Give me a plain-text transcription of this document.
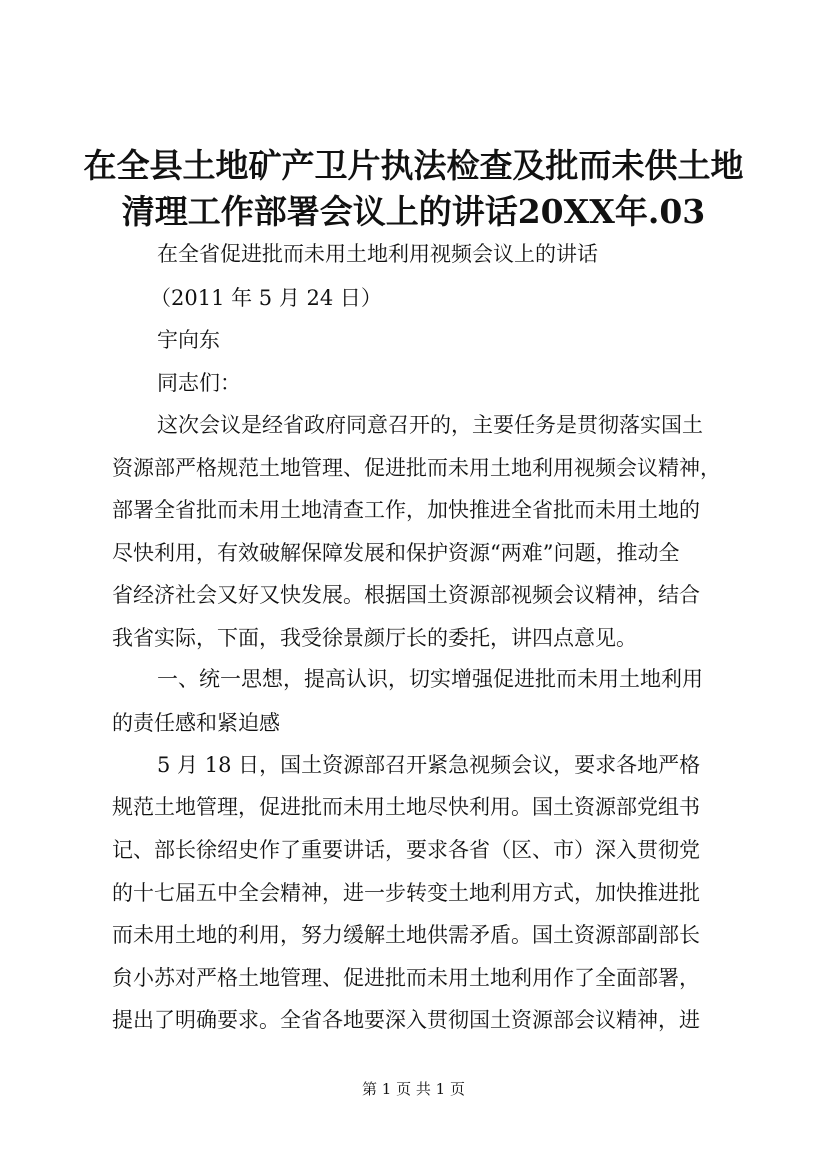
在全县土地矿产卫片执法检查及批而未供土地
清理工作部署会议上的讲话20XX年.03
在全省促进批而未用土地利用视频会议上的讲话
（2011 年 5 月 24 日）
宇向东
同志们：
这次会议是经省政府同意召开的，主要任务是贯彻落实国土
资源部严格规范土地管理、促进批而未用土地利用视频会议精神，
部署全省批而未用土地清查工作，加快推进全省批而未用土地的
尽快利用，有效破解保障发展和保护资源“两难”问题，推动全
省经济社会又好又快发展。根据国土资源部视频会议精神，结合
我省实际，下面，我受徐景颜厅长的委托，讲四点意见。
一、统一思想，提高认识，切实增强促进批而未用土地利用
的责任感和紧迫感
5 月 18 日，国土资源部召开紧急视频会议，要求各地严格
规范土地管理，促进批而未用土地尽快利用。国土资源部党组书
记、部长徐绍史作了重要讲话，要求各省（区、市）深入贯彻党
的十七届五中全会精神，进一步转变土地利用方式，加快推进批
而未用土地的利用，努力缓解土地供需矛盾。国土资源部副部长
贠小苏对严格土地管理、促进批而未用土地利用作了全面部署，
提出了明确要求。全省各地要深入贯彻国土资源部会议精神，进
第 1 页 共 1 页
